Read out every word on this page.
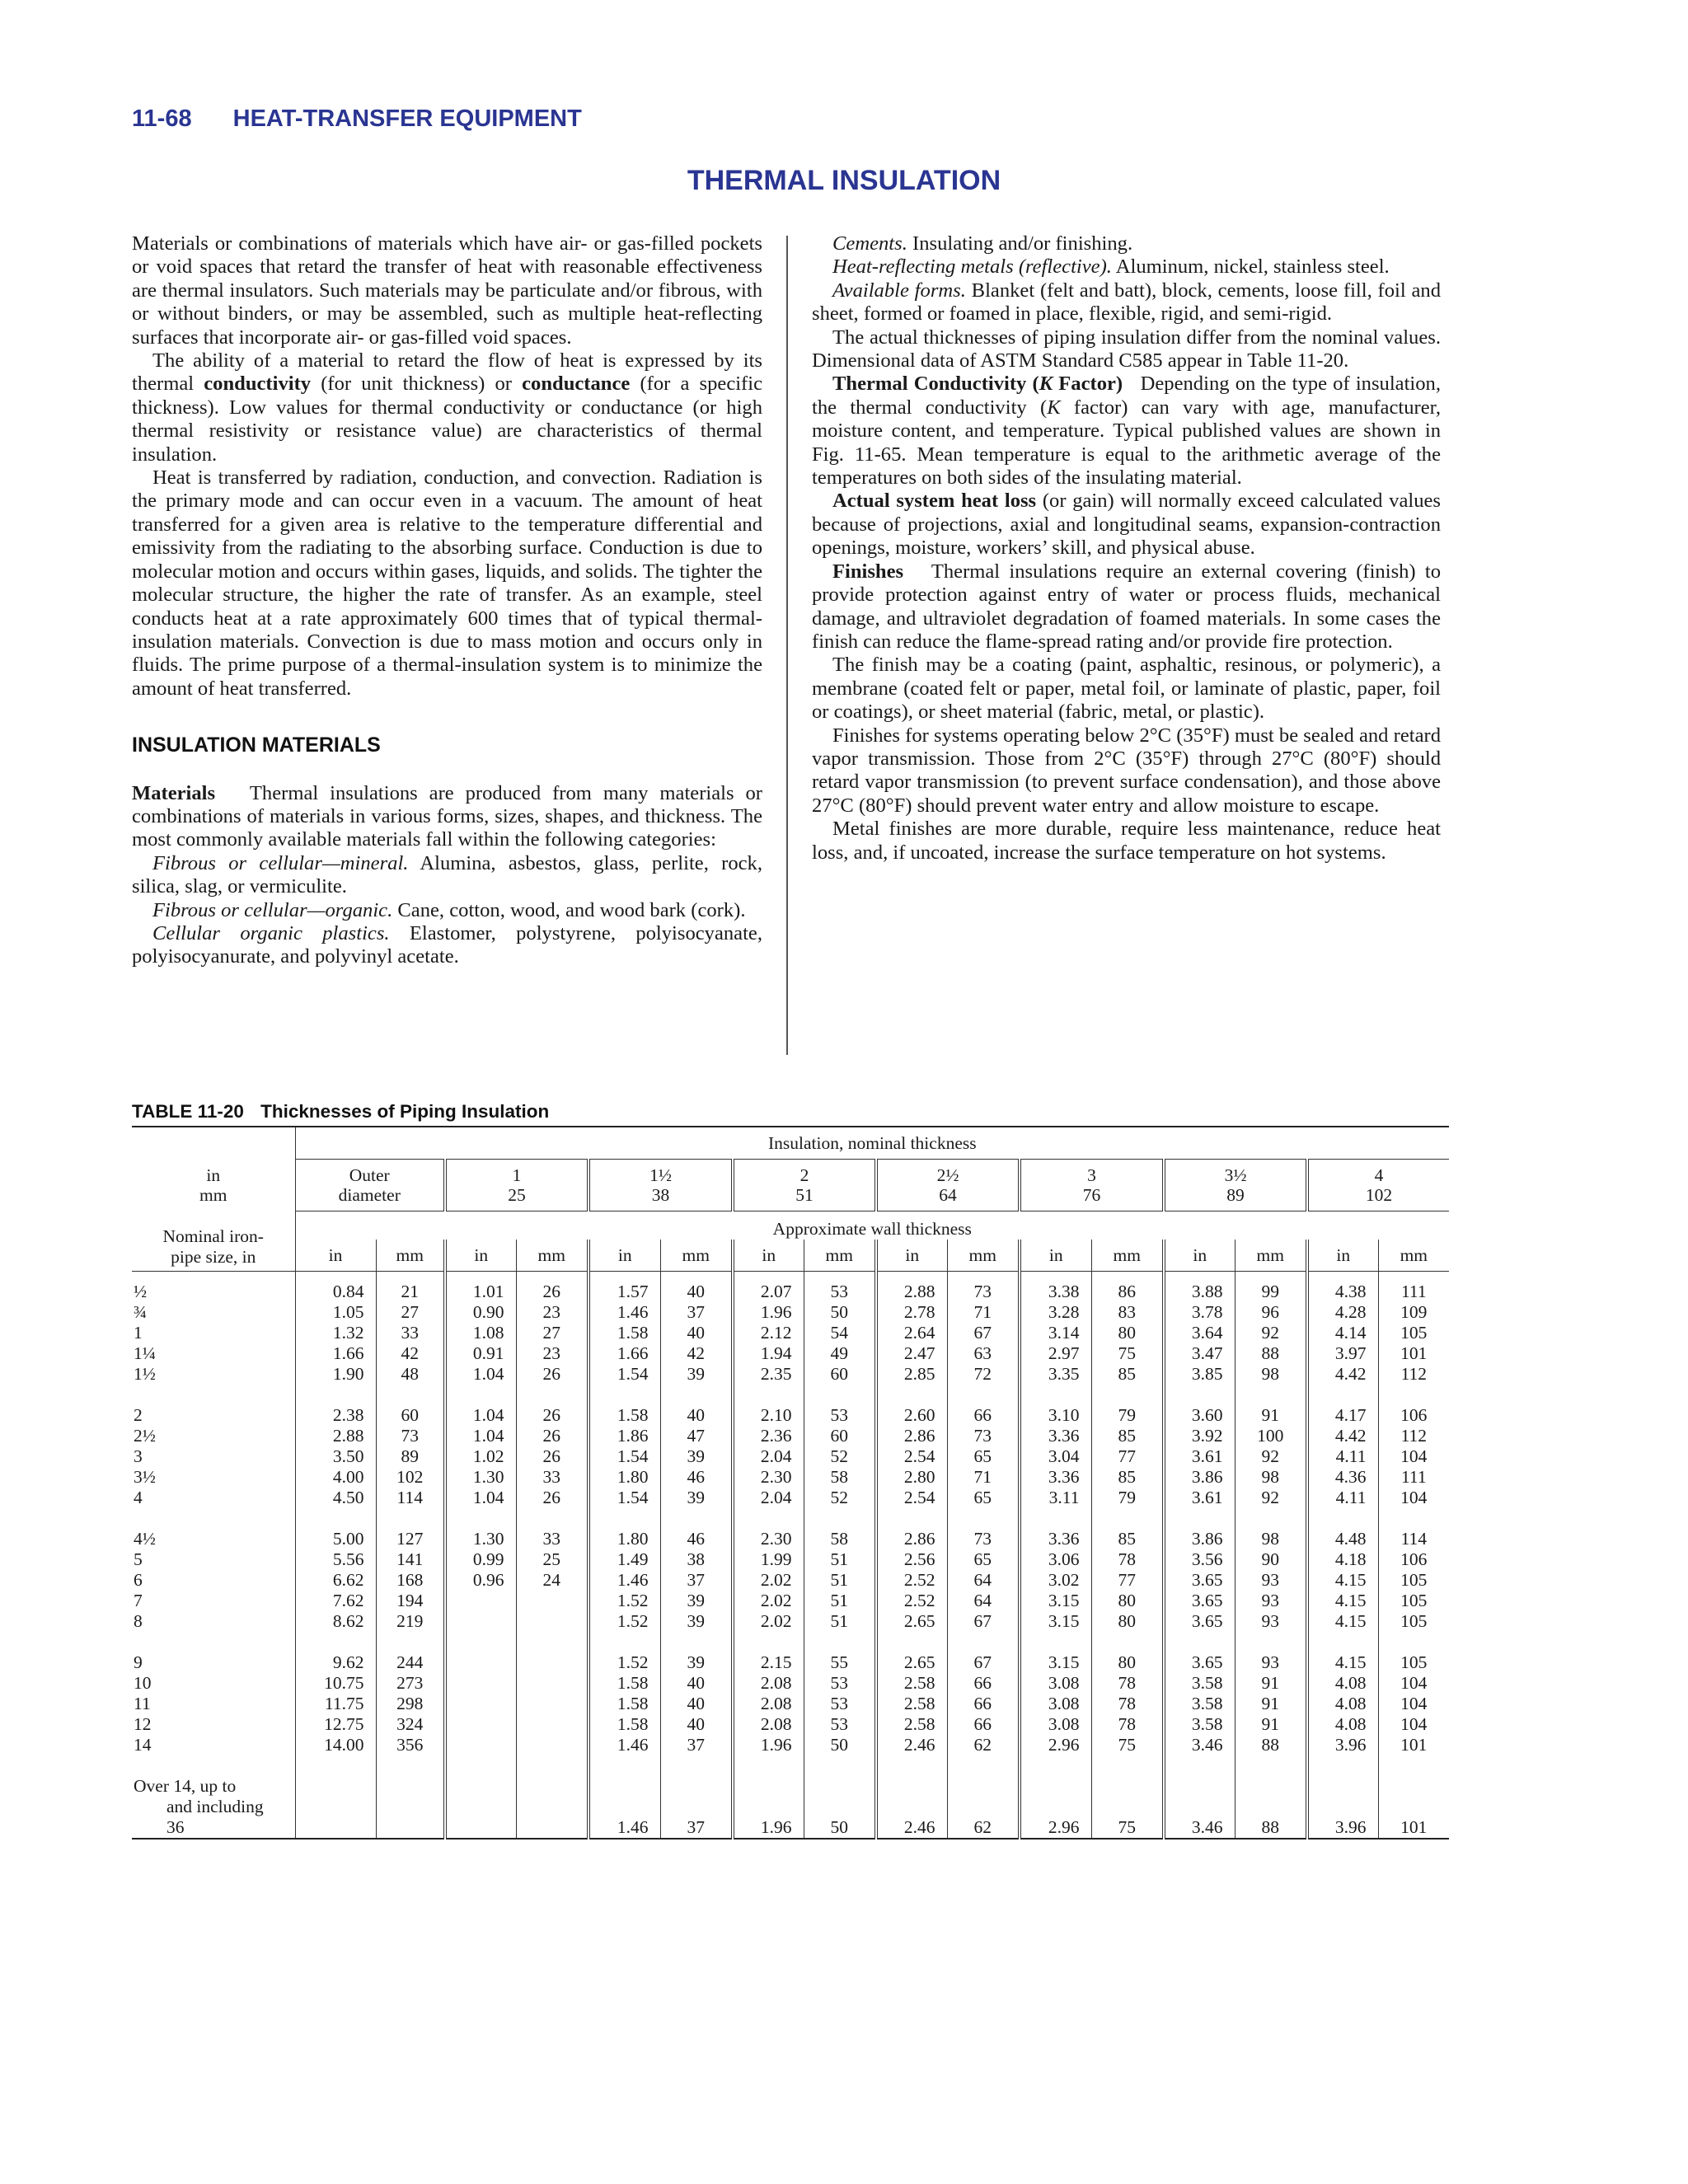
11-68 HEAT-TRANSFER EQUIPMENT
THERMAL INSULATION

Materials or combinations of materials which have air- or gas-filled pockets or void spaces that retard the transfer of heat with reasonable effectiveness are thermal insulators. Such materials may be particulate and/or fibrous, with or without binders, or may be assembled, such as multiple heat-reflecting surfaces that incorporate air- or gas-filled void spaces.

The ability of a material to retard the flow of heat is expressed by its thermal conductivity (for unit thickness) or conductance (for a specific thickness). Low values for thermal conductivity or conductance (or high thermal resistivity or resistance value) are characteristics of thermal insulation.

Heat is transferred by radiation, conduction, and convection. Radiation is the primary mode and can occur even in a vacuum. The amount of heat transferred for a given area is relative to the temperature differential and emissivity from the radiating to the absorbing surface. Conduction is due to molecular motion and occurs within gases, liquids, and solids. The tighter the molecular structure, the higher the rate of transfer. As an example, steel conducts heat at a rate approximately 600 times that of typical thermal-insulation materials. Convection is due to mass motion and occurs only in fluids. The prime purpose of a thermal-insulation system is to minimize the amount of heat transferred.

INSULATION MATERIALS

Materials Thermal insulations are produced from many materials or combinations of materials in various forms, sizes, shapes, and thickness. The most commonly available materials fall within the following categories:

Fibrous or cellular—mineral. Alumina, asbestos, glass, perlite, rock, silica, slag, or vermiculite.

Fibrous or cellular—organic. Cane, cotton, wood, and wood bark (cork).

Cellular organic plastics. Elastomer, polystyrene, polyisocyanate, polyisocyanurate, and polyvinyl acetate.

Cements. Insulating and/or finishing.

Heat-reflecting metals (reflective). Aluminum, nickel, stainless steel.

Available forms. Blanket (felt and batt), block, cements, loose fill, foil and sheet, formed or foamed in place, flexible, rigid, and semi-rigid.

The actual thicknesses of piping insulation differ from the nominal values. Dimensional data of ASTM Standard C585 appear in Table 11-20.

Thermal Conductivity (K Factor) Depending on the type of insulation, the thermal conductivity (K factor) can vary with age, manufacturer, moisture content, and temperature. Typical published values are shown in Fig. 11-65. Mean temperature is equal to the arithmetic average of the temperatures on both sides of the insulating material.

Actual system heat loss (or gain) will normally exceed calculated values because of projections, axial and longitudinal seams, expansion-contraction openings, moisture, workers’ skill, and physical abuse.

Finishes Thermal insulations require an external covering (finish) to provide protection against entry of water or process fluids, mechanical damage, and ultraviolet degradation of foamed materials. In some cases the finish can reduce the flame-spread rating and/or provide fire protection.

The finish may be a coating (paint, asphaltic, resinous, or polymeric), a membrane (coated felt or paper, metal foil, or laminate of plastic, paper, foil or coatings), or sheet material (fabric, metal, or plastic).

Finishes for systems operating below 2°C (35°F) must be sealed and retard vapor transmission. Those from 2°C (35°F) through 27°C (80°F) should retard vapor transmission (to prevent surface condensation), and those above 27°C (80°F) should prevent water entry and allow moisture to escape.

Metal finishes are more durable, require less maintenance, reduce heat loss, and, if uncoated, increase the surface temperature on hot systems.

TABLE 11-20 Thicknesses of Piping Insulation
	Insulation, nominal thickness															
in
mm	Outer
diameter		1
25		1½
38		2
51		2½
64		3
76		3½
89		4
102	
Nominal iron-
pipe size, in	Approximate wall thickness															
	in	mm	in	mm	in	mm	in	mm	in	mm	in	mm	in	mm	in	mm
½	0.84	21	1.01	26	1.57	40	2.07	53	2.88	73	3.38	86	3.88	99	4.38	111
¾	1.05	27	0.90	23	1.46	37	1.96	50	2.78	71	3.28	83	3.78	96	4.28	109
1	1.32	33	1.08	27	1.58	40	2.12	54	2.64	67	3.14	80	3.64	92	4.14	105
1¼	1.66	42	0.91	23	1.66	42	1.94	49	2.47	63	2.97	75	3.47	88	3.97	101
1½	1.90	48	1.04	26	1.54	39	2.35	60	2.85	72	3.35	85	3.85	98	4.42	112

2	2.38	60	1.04	26	1.58	40	2.10	53	2.60	66	3.10	79	3.60	91	4.17	106
2½	2.88	73	1.04	26	1.86	47	2.36	60	2.86	73	3.36	85	3.92	100	4.42	112
3	3.50	89	1.02	26	1.54	39	2.04	52	2.54	65	3.04	77	3.61	92	4.11	104
3½	4.00	102	1.30	33	1.80	46	2.30	58	2.80	71	3.36	85	3.86	98	4.36	111
4	4.50	114	1.04	26	1.54	39	2.04	52	2.54	65	3.11	79	3.61	92	4.11	104

4½	5.00	127	1.30	33	1.80	46	2.30	58	2.86	73	3.36	85	3.86	98	4.48	114
5	5.56	141	0.99	25	1.49	38	1.99	51	2.56	65	3.06	78	3.56	90	4.18	106
6	6.62	168	0.96	24	1.46	37	2.02	51	2.52	64	3.02	77	3.65	93	4.15	105
7	7.62	194			1.52	39	2.02	51	2.52	64	3.15	80	3.65	93	4.15	105
8	8.62	219			1.52	39	2.02	51	2.65	67	3.15	80	3.65	93	4.15	105

9	9.62	244			1.52	39	2.15	55	2.65	67	3.15	80	3.65	93	4.15	105
10	10.75	273			1.58	40	2.08	53	2.58	66	3.08	78	3.58	91	4.08	104
11	11.75	298			1.58	40	2.08	53	2.58	66	3.08	78	3.58	91	4.08	104
12	12.75	324			1.58	40	2.08	53	2.58	66	3.08	78	3.58	91	4.08	104
14	14.00	356			1.46	37	1.96	50	2.46	62	2.96	75	3.46	88	3.96	101

Over 14, up to																
and including																
36					1.46	37	1.96	50	2.46	62	2.96	75	3.46	88	3.96	101
